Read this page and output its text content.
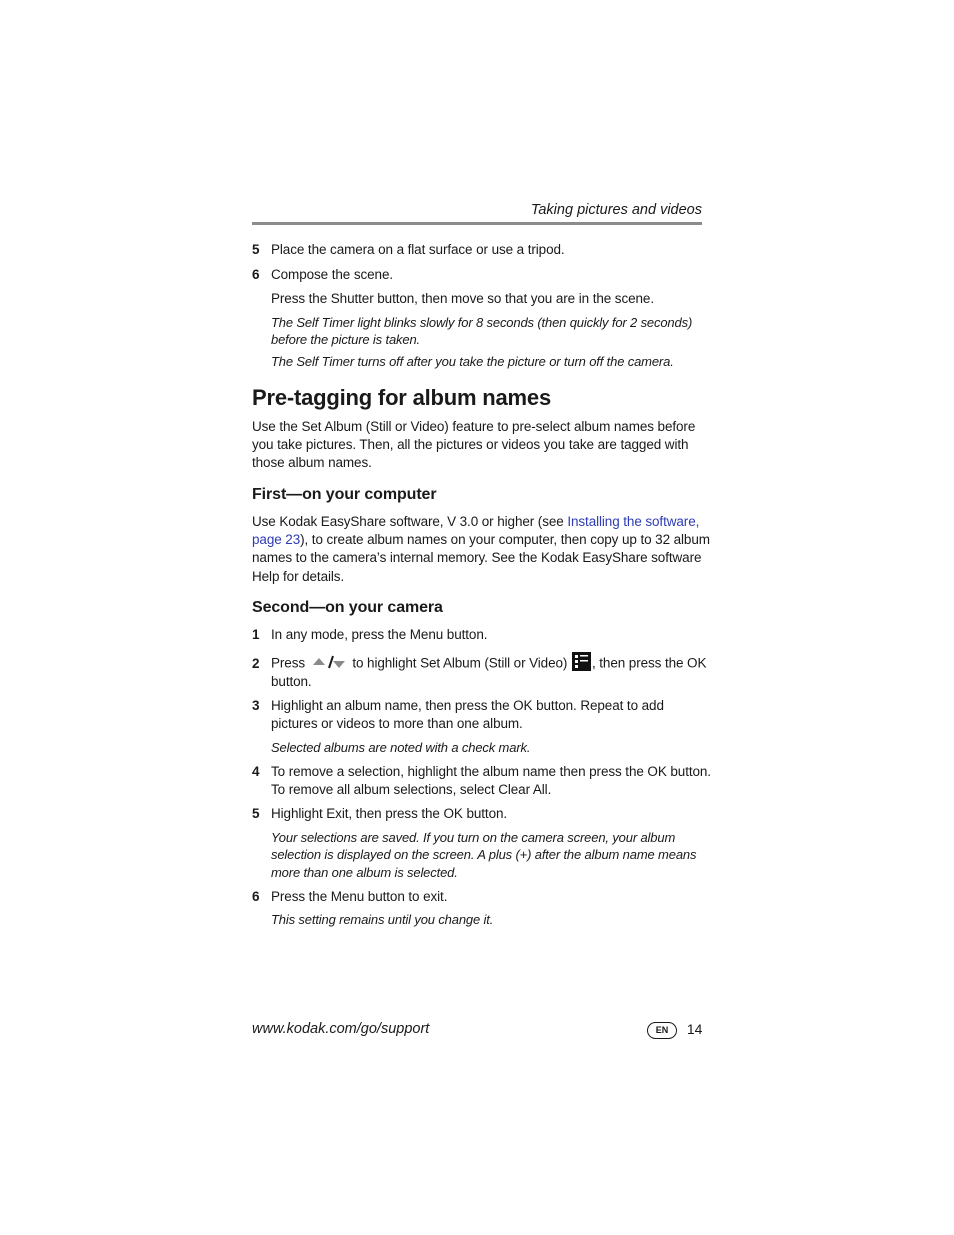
Taking pictures and videos
5 Place the camera on a flat surface or use a tripod.
6 Compose the scene.
Press the Shutter button, then move so that you are in the scene.
The Self Timer light blinks slowly for 8 seconds (then quickly for 2 seconds)
before the picture is taken.
The Self Timer turns off after you take the picture or turn off the camera.
Pre-tagging for album names
Use the Set Album (Still or Video) feature to pre-select album names before
you take pictures. Then, all the pictures or videos you take are tagged with
those album names.
First—on your computer
Use Kodak EasyShare software, V 3.0 or higher (see Installing the software,
page 23), to create album names on your computer, then copy up to 32 album
names to the camera’s internal memory. See the Kodak EasyShare software
Help for details.
Second—on your camera
1 In any mode, press the Menu button.
2 Press	to highlight Set Album (Still or Video) , then press the OK
button.
3 Highlight an album name, then press the OK button. Repeat to add
pictures or videos to more than one album.
Selected albums are noted with a check mark.
4 To remove a selection, highlight the album name then press the OK button.
To remove all album selections, select Clear All.
5 Highlight Exit, then press the OK button.
Your selections are saved. If you turn on the camera screen, your album
selection is displayed on the screen. A plus (+) after the album name means
more than one album is selected.
6 Press the Menu button to exit.
This setting remains until you change it.
www.kodak.com/go/support	EN 14
